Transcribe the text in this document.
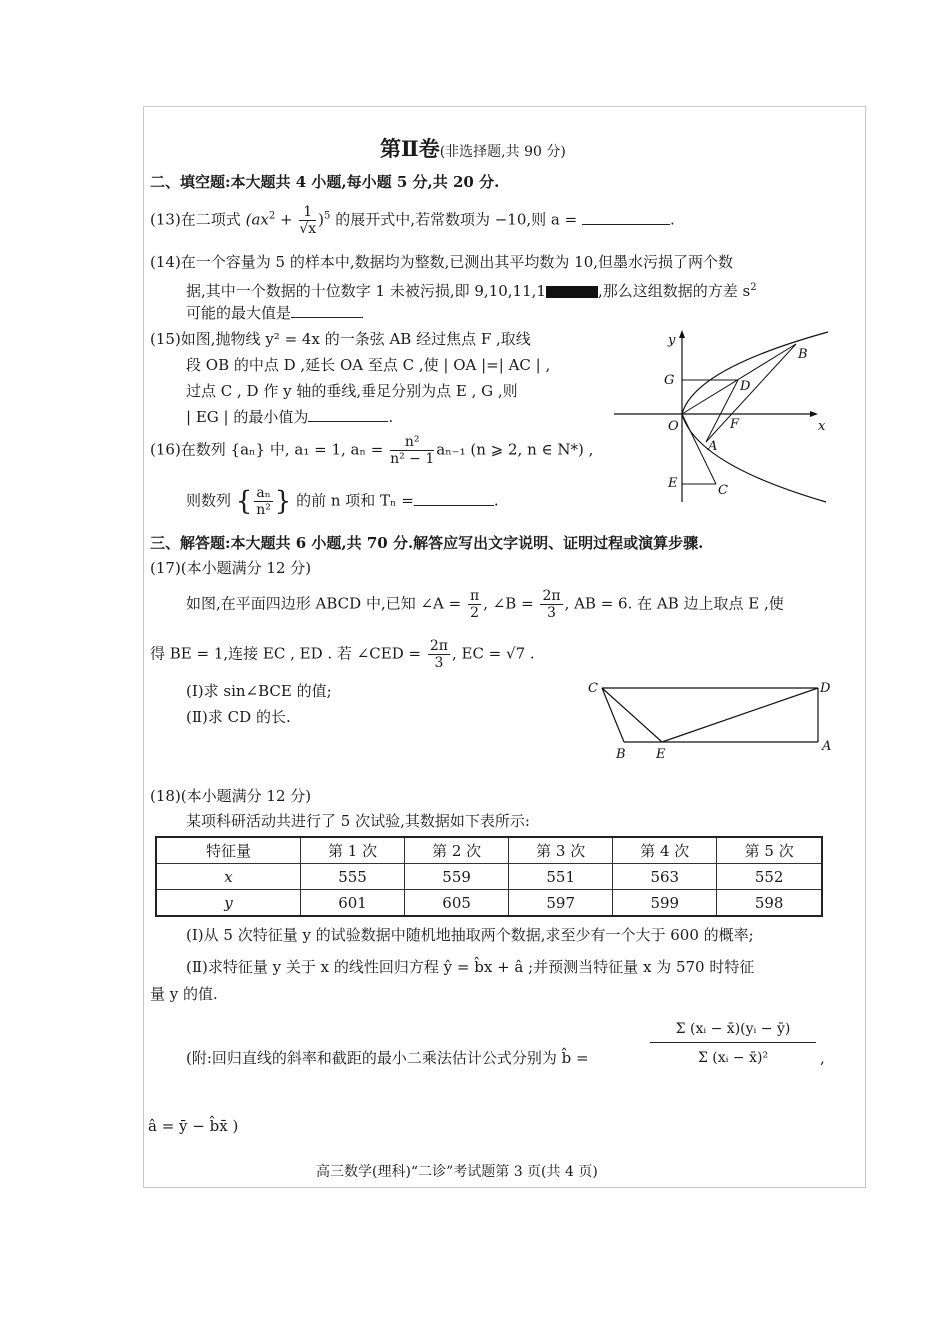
第Ⅱ卷(非选择题,共 90 分)
二、填空题:本大题共 4 小题,每小题 5 分,共 20 分.
(13)在二项式 $(ax^2 + \frac{1}{√x} )^5$ 的展开式中,若常数项为 −10,则 a =	.
(14)在一个容量为 5 的样本中,数据均为整数,已测出其平均数为 10,但墨水污损了两个数
据,其中一个数据的十位数字 1 未被污损,即 9,10,11,1	,那么这组数据的方差 $s^2$
可能的最大值是
(15)如图,抛物线 y² = 4x 的一条弦 AB 经过焦点 F ,取线
段 OB 的中点 D ,延长 OA 至点 C ,使 | OA |=| AC | ,
过点 C , D 作 y 轴的垂线,垂足分别为点 E , G ,则
| EG | 的最小值为	.
y
B
G	D
O	F	x
A
E	C
(16)在数列 {aₙ} 中, a₁ = 1, $a_n = \frac{\text{n²}}{\text{n² − 1}} a_{n-1}$ (n ⩾ 2, n ∈ N*) ,
则数列 { $\frac{\text{aₙ}}{\text{n²}}$ } 的前 n 项和 Tₙ =	.
三、解答题:本大题共 6 小题,共 70 分.解答应写出文字说明、证明过程或演算步骤.
(17)(本小题满分 12 分)
如图,在平面四边形 ABCD 中,已知 ∠A = $\frac{\pi}{2}$ , ∠B = $\frac{2\pi}{3}$ , AB = 6. 在 AB 边上取点 E ,使
得 BE = 1,连接 EC , ED . 若 ∠CED = $\frac{2\pi}{3}$ , EC = √7 .
(Ⅰ)求 sin∠BCE 的值;
(Ⅱ)求 CD 的长.
C	D
B E
A
(18)(本小题满分 12 分)
某项科研活动共进行了 5 次试验,其数据如下表所示:
特征量	第 1 次	第 2 次	第 3 次	第 4 次	第 5 次
x	555	559	551	563	552
y	601	605	597	599	598
(Ⅰ)从 5 次特征量 y 的试验数据中随机地抽取两个数据,求至少有一个大于 600 的概率;
(Ⅱ)求特征量 y 关于 x 的线性回归方程 ŷ = b̂x + â ;并预测当特征量 x 为 570 时特征
量 y 的值.
(附:回归直线的斜率和截距的最小二乘法估计公式分别为 b̂ =	$\frac{\text{Σ (xᵢ − x̄)(yᵢ − ȳ)}}{\text{Σ (xᵢ − x̄)²}}$ ,
â = ȳ − b̂x̄ )
高三数学(理科)“二诊”考试题第 3 页(共 4 页)
